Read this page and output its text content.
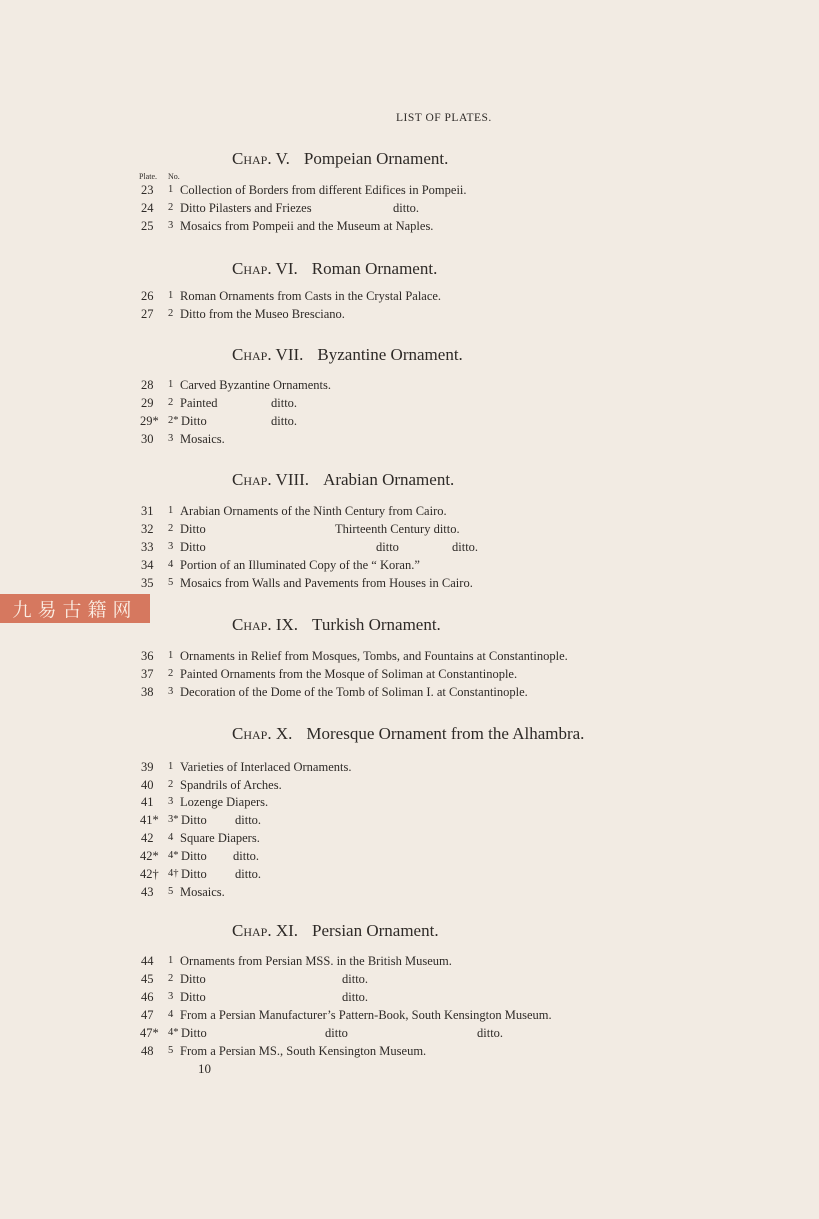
LIST OF PLATES.
Plate. No.
Chap. V. Pompeian Ornament.
23 1 Collection of Borders from different Edifices in Pompeii.
24 2 Ditto Pilasters and Friezes	ditto.
25 3 Mosaics from Pompeii and the Museum at Naples.
Chap. VI. Roman Ornament.
26 1 Roman Ornaments from Casts in the Crystal Palace.
27 2 Ditto from the Museo Bresciano.
Chap. VII. Byzantine Ornament.
28 1 Carved Byzantine Ornaments.
29 2 Painted	ditto.
29* 2* Ditto	ditto.
30 3 Mosaics.
Chap. VIII. Arabian Ornament.
31 1 Arabian Ornaments of the Ninth Century from Cairo.
32 2 Ditto	Thirteenth Century ditto.
33 3 Ditto	ditto	ditto.
34 4 Portion of an Illuminated Copy of the “ Koran.”
35 5 Mosaics from Walls and Pavements from Houses in Cairo.
Chap. IX. Turkish Ornament.
36 1 Ornaments in Relief from Mosques, Tombs, and Fountains at Constantinople.
37 2 Painted Ornaments from the Mosque of Soliman at Constantinople.
38 3 Decoration of the Dome of the Tomb of Soliman I. at Constantinople.
Chap. X. Moresque Ornament from the Alhambra.
39 1 Varieties of Interlaced Ornaments.
40 2 Spandrils of Arches.
41 3 Lozenge Diapers.
41* 3* Ditto ditto.
42 4 Square Diapers.
42* 4* Ditto ditto.
42† 4† Ditto ditto.
43 5 Mosaics.
Chap. XI. Persian Ornament.
44 1 Ornaments from Persian MSS. in the British Museum.
45 2 Ditto	ditto.
46 3 Ditto	ditto.
47 4 From a Persian Manufacturer’s Pattern-Book, South Kensington Museum.
47* 4* Ditto	ditto	ditto.
48 5 From a Persian MS., South Kensington Museum.
10
九易古籍网
